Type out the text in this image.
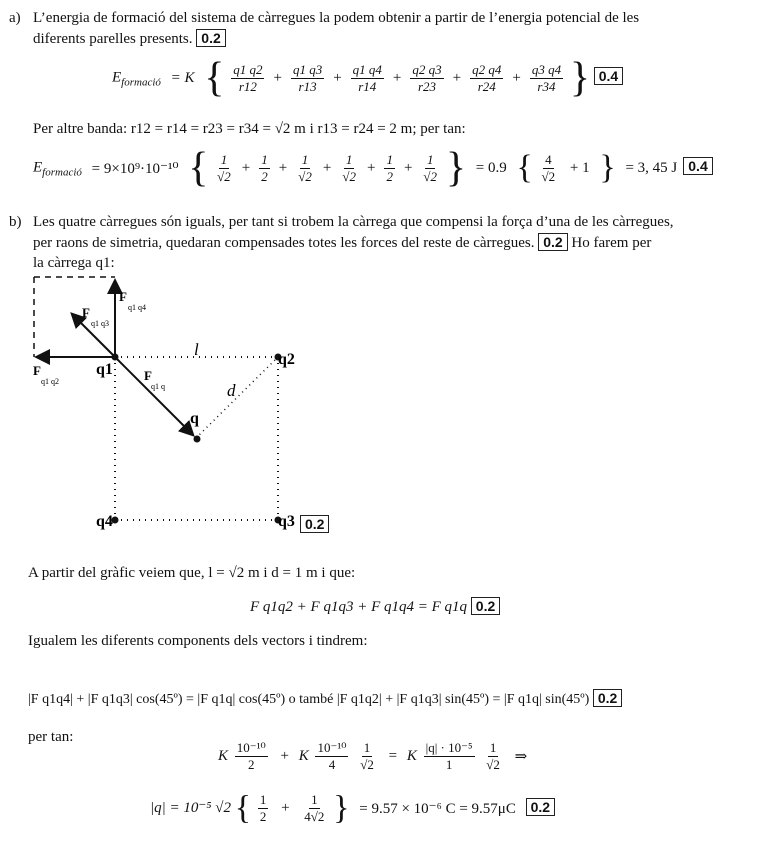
a) L’energia de formació del sistema de càrregues la podem obtenir a partir de l’energia potencial de les
diferents parelles presents. 0.2
$E_{formació} = K$ { $\frac{q1 q2}{r12} + \frac{q1 q3}{r13} + \frac{q1 q4}{r14} + \frac{q2 q3}{r23} + \frac{q2 q4}{r24} + \frac{q3 q4}{r34}$ } 0.4
Per altre banda: r12 = r14 = r23 = r34 = √2 m i r13 = r24 = 2 m; per tan:
$E_{formació} = 9\times 10^9\cdot 10^{-10}$ { $\frac{1}{√2} + \frac{1}{2} + \frac{1}{√2} + \frac{1}{√2} + \frac{1}{2} + \frac{1}{√2}$ } = 0.9 { $\frac{4}{√2} + 1$ } = 3, 45 J 0.4
b) Les quatre càrregues són iguals, per tant si trobem la càrrega que compensi la força d’una de les càrregues,
per raons de simetria, quedaran compensades totes les forces del reste de càrregues. 0.2 Ho farem per
la càrrega q1:
q1
q2
q3
q4
q
l
d
F
q1 q4
F
q1 q3
F
q1 q2	F
q1 q
0.2
A partir del gràfic veiem que, l = √2 m i d = 1 m i que:
F q1q2 + F q1q3 + F q1q4 = F q1q 0.2
Igualem les diferents components dels vectors i tindrem:
|F q1q4| + |F q1q3| cos(45º) = |F q1q| cos(45º) o també |F q1q2| + |F q1q3| sin(45º) = |F q1q| sin(45º) 0.2
per tan:
K $\frac{\text{10⁻¹⁰}}{2} + K \frac{\text{10⁻¹⁰}}{4}$
$\frac{1}{√2} = K \frac{\text{|q| · 10⁻⁵}}{1}$
$\frac{1}{√2}$ ⇒
|q| = 10⁻⁵ √2 { $\frac{1}{2} + \frac{1}{4√2}$ } = 9.57 × 10⁻⁶ C = 9.57μC 0.2
